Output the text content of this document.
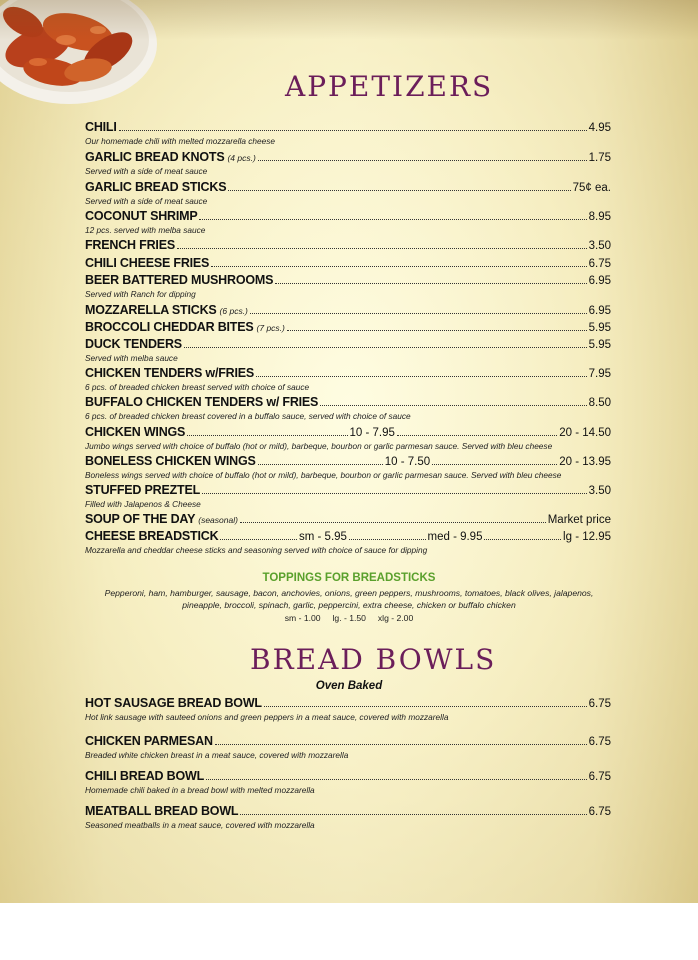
APPETIZERS
CHILI	4.95
Our homemade chili with melted mozzarella cheese
GARLIC BREAD KNOTS (4 pcs.)	1.75
Served with a side of meat sauce
GARLIC BREAD STICKS	75¢ ea.
Served with a side of meat sauce
COCONUT SHRIMP	8.95
12 pcs. served with melba sauce
FRENCH FRIES	3.50
CHILI CHEESE FRIES	6.75
BEER BATTERED MUSHROOMS	6.95
Served with Ranch for dipping
MOZZARELLA STICKS (6 pcs.)	6.95
BROCCOLI CHEDDAR BITES (7 pcs.)	5.95
DUCK TENDERS	5.95
Served with melba sauce
CHICKEN TENDERS w/FRIES	7.95
6 pcs. of breaded chicken breast served with choice of sauce
BUFFALO CHICKEN TENDERS w/ FRIES	8.50
6 pcs. of breaded chicken breast covered in a buffalo sauce, served with choice of sauce
CHICKEN WINGS	10 - 7.95	20 - 14.50
Jumbo wings served with choice of buffalo (hot or mild), barbeque, bourbon or garlic parmesan sauce. Served with bleu cheese
BONELESS CHICKEN WINGS	10 - 7.50	20 - 13.95
Boneless wings served with choice of buffalo (hot or mild), barbeque, bourbon or garlic parmesan sauce. Served with bleu cheese
STUFFED PREZTEL	3.50
Filled with Jalapenos & Cheese
SOUP OF THE DAY (seasonal)	Market price
CHEESE BREADSTICK	sm - 5.95	med - 9.95	lg - 12.95
Mozzarella and cheddar cheese sticks and seasoning served with choice of sauce for dipping
TOPPINGS FOR BREADSTICKS
Pepperoni, ham, hamburger, sausage, bacon, anchovies, onions, green peppers, mushrooms, tomatoes, black olives, jalapenos,
pineapple, broccoli, spinach, garlic, peppercini, extra cheese, chicken or buffalo chicken
sm - 1.00     lg. - 1.50     xlg - 2.00
BREAD BOWLS
Oven Baked
HOT SAUSAGE BREAD BOWL	6.75
Hot link sausage with sauteed onions and green peppers in a meat sauce, covered with mozzarella
CHICKEN PARMESAN	6.75
Breaded white chicken breast in a meat sauce, covered with mozzarella
CHILI BREAD BOWL	6.75
Homemade chili baked in a bread bowl with melted mozzarella
MEATBALL BREAD BOWL	6.75
Seasoned meatballs in a meat sauce, covered with mozzarella
